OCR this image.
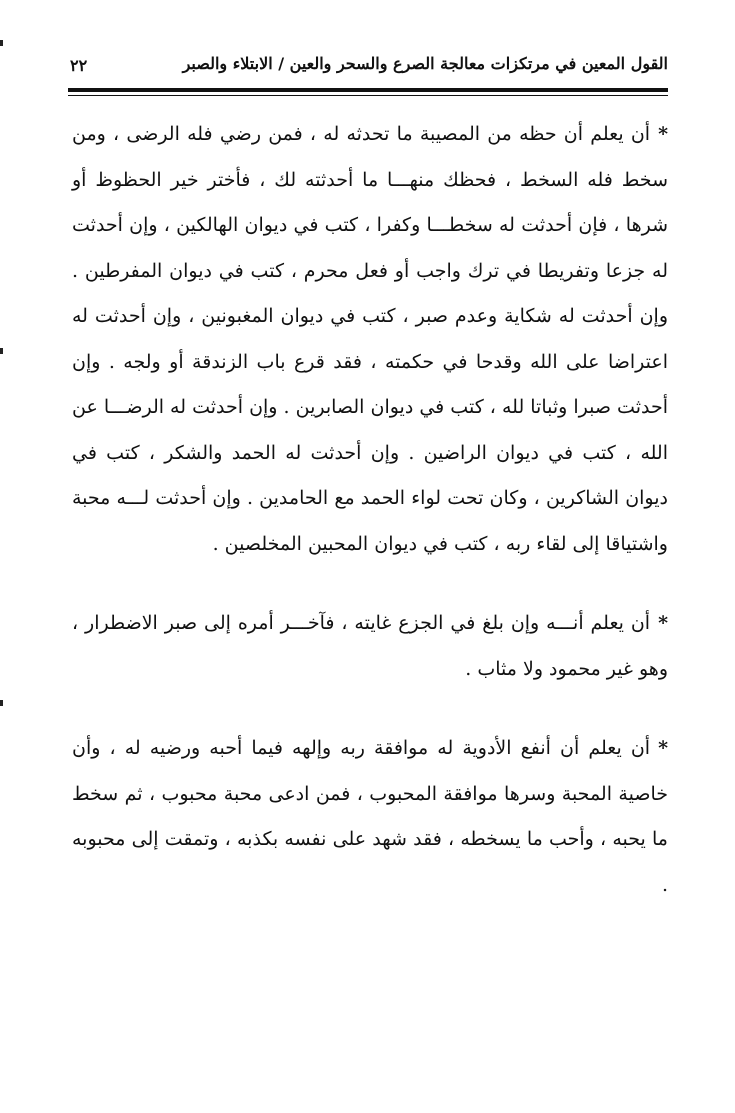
٢٢	القول المعين في مرتكزات معالجة الصرع والسحر والعين / الابتلاء والصبر

*أن يعلم أن حظه من المصيبة ما تحدثه له ، فمن رضي فله الرضى ، ومن سخط فله السخط ، فحظك منهـــا ما أحدثته لك ، فأختر خير الحظوظ أو شرها ، فإن أحدثت له سخطـــا وكفرا ، كتب في ديوان الهالكين ، وإن أحدثت له جزعا وتفريطا في ترك واجب أو فعل محرم ، كتب في ديوان المفرطين . وإن أحدثت له شكاية وعدم صبر ، كتب في ديوان المغبونين ، وإن أحدثت له اعتراضا على الله وقدحا في حكمته ، فقد قرع باب الزندقة أو ولجه . وإن أحدثت صبرا وثباتا لله ، كتب في ديوان الصابرين . وإن أحدثت له الرضـــا عن الله ، كتب في ديوان الراضين . وإن أحدثت له الحمد والشكر ، كتب في ديوان الشاكرين ، وكان تحت لواء الحمد مع الحامدين . وإن أحدثت لـــه محبة واشتياقا إلى لقاء ربه ، كتب في ديوان المحبين المخلصين .

*أن يعلم أنـــه وإن بلغ في الجزع غايته ، فآخـــر أمره إلى صبر الاضطرار ، وهو غير محمود ولا مثاب .

*أن يعلم أن أنفع الأدوية له موافقة ربه وإلهه فيما أحبه ورضيه له ، وأن خاصية المحبة وسرها موافقة المحبوب ، فمن ادعى محبة محبوب ، ثم سخط ما يحبه ، وأحب ما يسخطه ، فقد شهد على نفسه بكذبه ، وتمقت إلى محبوبه .
